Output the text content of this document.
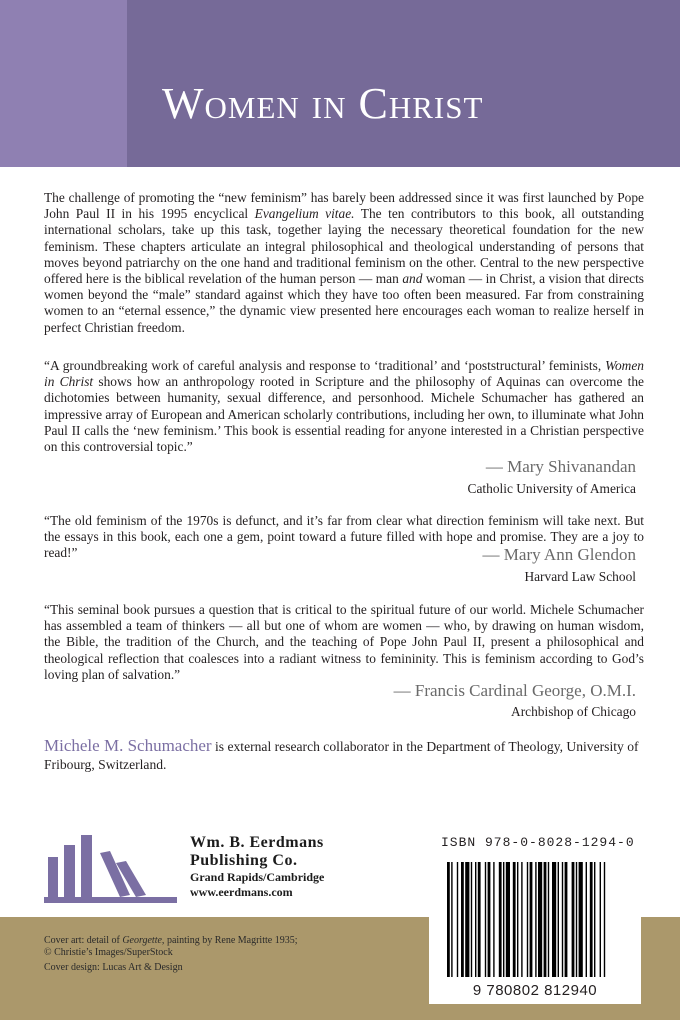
Women in Christ
The challenge of promoting the “new feminism” has barely been addressed since it was first launched by Pope John Paul II in his 1995 encyclical Evangelium vitae. The ten contributors to this book, all outstanding international scholars, take up this task, together laying the necessary theoretical foundation for the new feminism. These chapters articulate an integral philosophical and theological understanding of persons that moves beyond patriarchy on the one hand and traditional feminism on the other. Central to the new perspective offered here is the biblical revelation of the human person — man and woman — in Christ, a vision that directs women beyond the “male” standard against which they have too often been measured. Far from constraining women to an “eternal essence,” the dynamic view presented here encourages each woman to realize herself in perfect Christian freedom.
“A groundbreaking work of careful analysis and response to ‘traditional’ and ‘poststructural’ feminists, Women in Christ shows how an anthropology rooted in Scripture and the philosophy of Aquinas can overcome the dichotomies between humanity, sexual difference, and personhood. Michele Schumacher has gathered an impressive array of European and American scholarly contributions, including her own, to illuminate what John Paul II calls the ‘new feminism.’ This book is essential reading for anyone interested in a Christian perspective on this controversial topic.”
— Mary Shivanandan
Catholic University of America
“The old feminism of the 1970s is defunct, and it’s far from clear what direction feminism will take next. But the essays in this book, each one a gem, point toward a future filled with hope and promise. They are a joy to read!”	— Mary Ann Glendon
Harvard Law School
“This seminal book pursues a question that is critical to the spiritual future of our world. Michele Schumacher has assembled a team of thinkers — all but one of whom are women — who, by drawing on human wisdom, the Bible, the tradition of the Church, and the teaching of Pope John Paul II, present a philosophical and theological reflection that coalesces into a radiant witness to femininity. This is feminism according to God’s loving plan of salvation.”
— Francis Cardinal George, O.M.I.
Archbishop of Chicago
Michele M. Schumacher is external research collaborator in the Department of Theology, University of Fribourg, Switzerland.
Wm. B. Eerdmans
Publishing Co.
Grand Rapids/Cambridge
www.eerdmans.com
ISBN 978-0-8028-1294-0
Cover art: detail of Georgette, painting by Rene Magritte 1935;
© Christie’s Images/SuperStock
Cover design: Lucas Art & Design
9 780802 812940
